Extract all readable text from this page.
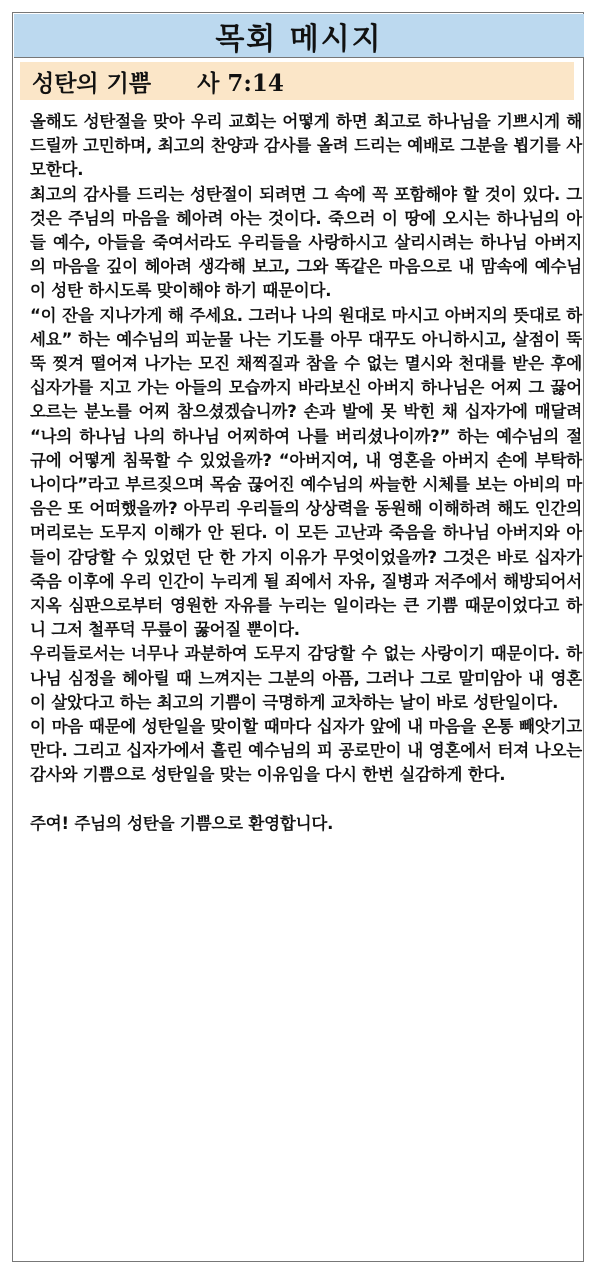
목회 메시지
성탄의 기쁨 사 7:14

올해도 성탄절을 맞아 우리 교회는 어떻게 하면 최고로 하나님을 기쁘시게 해 드릴까 고민하며, 최고의 찬양과 감사를 올려 드리는 예배로 그분을 뵙기를 사모한다.

최고의 감사를 드리는 성탄절이 되려면 그 속에 꼭 포함해야 할 것이 있다. 그것은 주님의 마음을 헤아려 아는 것이다. 죽으러 이 땅에 오시는 하나님의 아들 예수, 아들을 죽여서라도 우리들을 사랑하시고 살리시려는 하나님 아버지의 마음을 깊이 헤아려 생각해 보고, 그와 똑같은 마음으로 내 맘속에 예수님이 성탄 하시도록 맞이해야 하기 때문이다.

“이 잔을 지나가게 해 주세요. 그러나 나의 원대로 마시고 아버지의 뜻대로 하세요” 하는 예수님의 피눈물 나는 기도를 아무 대꾸도 아니하시고, 살점이 뚝뚝 찢겨 떨어져 나가는 모진 채찍질과 참을 수 없는 멸시와 천대를 받은 후에 십자가를 지고 가는 아들의 모습까지 바라보신 아버지 하나님은 어찌 그 끓어오르는 분노를 어찌 참으셨겠습니까? 손과 발에 못 박힌 채 십자가에 매달려 “나의 하나님 나의 하나님 어찌하여 나를 버리셨나이까?” 하는 예수님의 절규에 어떻게 침묵할 수 있었을까? “아버지여, 내 영혼을 아버지 손에 부탁하나이다”라고 부르짖으며 목숨 끊어진 예수님의 싸늘한 시체를 보는 아비의 마음은 또 어떠했을까? 아무리 우리들의 상상력을 동원해 이해하려 해도 인간의 머리로는 도무지 이해가 안 된다. 이 모든 고난과 죽음을 하나님 아버지와 아들이 감당할 수 있었던 단 한 가지 이유가 무엇이었을까? 그것은 바로 십자가 죽음 이후에 우리 인간이 누리게 될 죄에서 자유, 질병과 저주에서 해방되어서 지옥 심판으로부터 영원한 자유를 누리는 일이라는 큰 기쁨 때문이었다고 하니 그저 철푸덕 무릎이 꿇어질 뿐이다.

우리들로서는 너무나 과분하여 도무지 감당할 수 없는 사랑이기 때문이다. 하나님 심정을 헤아릴 때 느껴지는 그분의 아픔, 그러나 그로 말미암아 내 영혼이 살았다고 하는 최고의 기쁨이 극명하게 교차하는 날이 바로 성탄일이다.

이 마음 때문에 성탄일을 맞이할 때마다 십자가 앞에 내 마음을 온통 빼앗기고 만다. 그리고 십자가에서 흘린 예수님의 피 공로만이 내 영혼에서 터져 나오는 감사와 기쁨으로 성탄일을 맞는 이유임을 다시 한번 실감하게 한다.

주여! 주님의 성탄을 기쁨으로 환영합니다.
